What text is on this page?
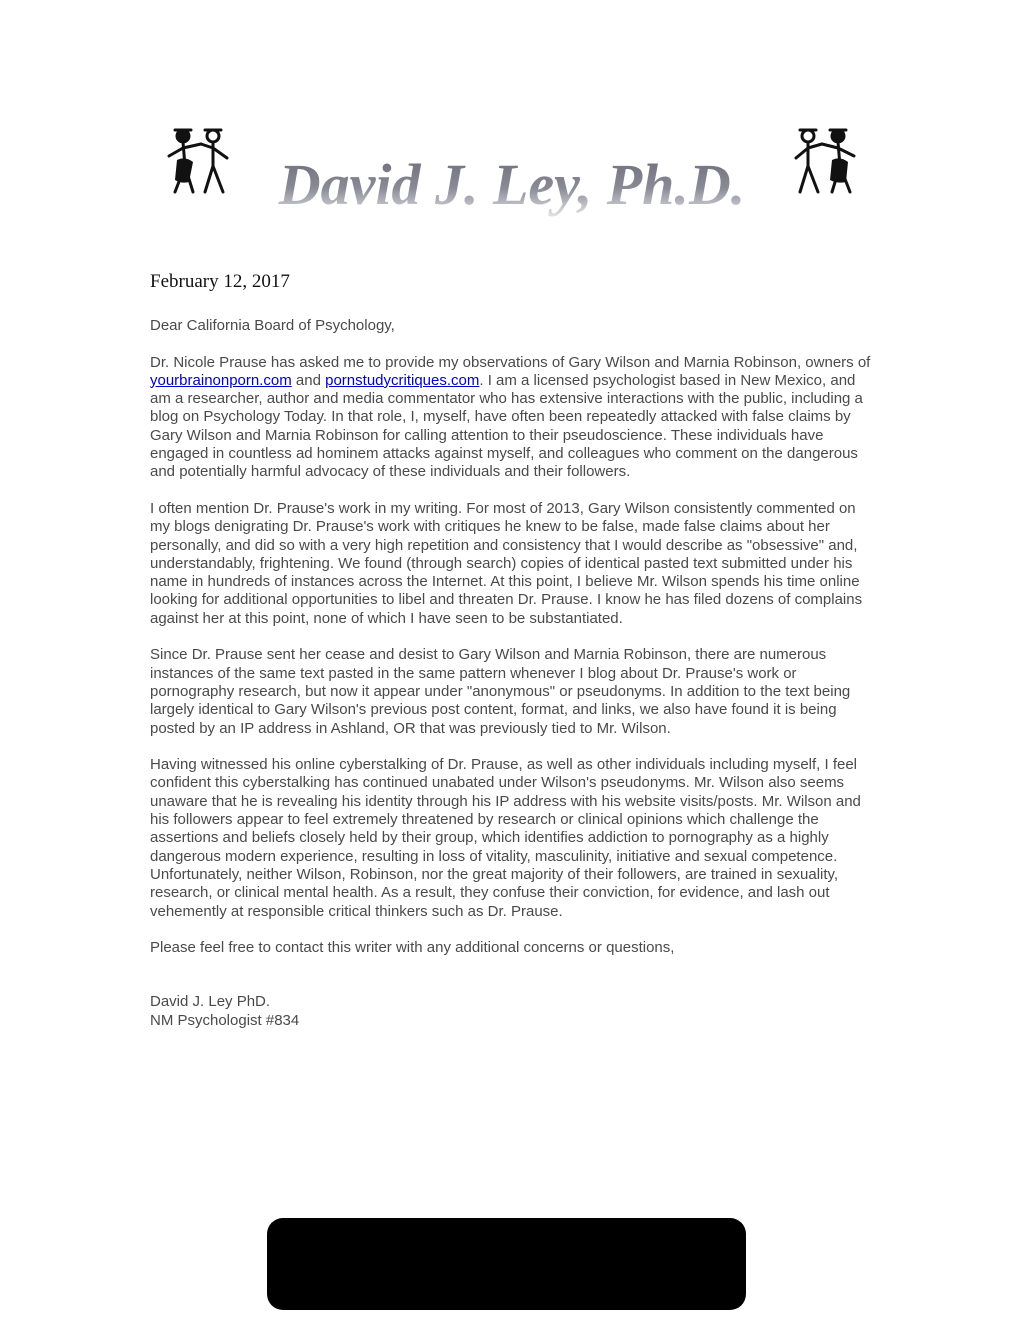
David J. Ley, Ph.D.

February 12, 2017

Dear California Board of Psychology,

Dr. Nicole Prause has asked me to provide my observations of Gary Wilson and Marnia Robinson, owners of yourbrainonporn.com and pornstudycritiques.com. I am a licensed psychologist based in New Mexico, and am a researcher, author and media commentator who has extensive interactions with the public, including a blog on Psychology Today. In that role, I, myself, have often been repeatedly attacked with false claims by Gary Wilson and Marnia Robinson for calling attention to their pseudoscience. These individuals have engaged in countless ad hominem attacks against myself, and colleagues who comment on the dangerous and potentially harmful advocacy of these individuals and their followers.

I often mention Dr. Prause's work in my writing. For most of 2013, Gary Wilson consistently commented on my blogs denigrating Dr. Prause's work with critiques he knew to be false, made false claims about her personally, and did so with a very high repetition and consistency that I would describe as "obsessive" and, understandably, frightening. We found (through search) copies of identical pasted text submitted under his name in hundreds of instances across the Internet. At this point, I believe Mr. Wilson spends his time online looking for additional opportunities to libel and threaten Dr. Prause. I know he has filed dozens of complains against her at this point, none of which I have seen to be substantiated.

Since Dr. Prause sent her cease and desist to Gary Wilson and Marnia Robinson, there are numerous instances of the same text pasted in the same pattern whenever I blog about Dr. Prause's work or pornography research, but now it appear under "anonymous" or pseudonyms. In addition to the text being largely identical to Gary Wilson's previous post content, format, and links, we also have found it is being posted by an IP address in Ashland, OR that was previously tied to Mr. Wilson.

Having witnessed his online cyberstalking of Dr. Prause, as well as other individuals including myself, I feel confident this cyberstalking has continued unabated under Wilson's pseudonyms. Mr. Wilson also seems unaware that he is revealing his identity through his IP address with his website visits/posts. Mr. Wilson and his followers appear to feel extremely threatened by research or clinical opinions which challenge the assertions and beliefs closely held by their group, which identifies addiction to pornography as a highly dangerous modern experience, resulting in loss of vitality, masculinity, initiative and sexual competence. Unfortunately, neither Wilson, Robinson, nor the great majority of their followers, are trained in sexuality, research, or clinical mental health. As a result, they confuse their conviction, for evidence, and lash out vehemently at responsible critical thinkers such as Dr. Prause.

Please feel free to contact this writer with any additional concerns or questions,

David J. Ley PhD.
NM Psychologist #834
